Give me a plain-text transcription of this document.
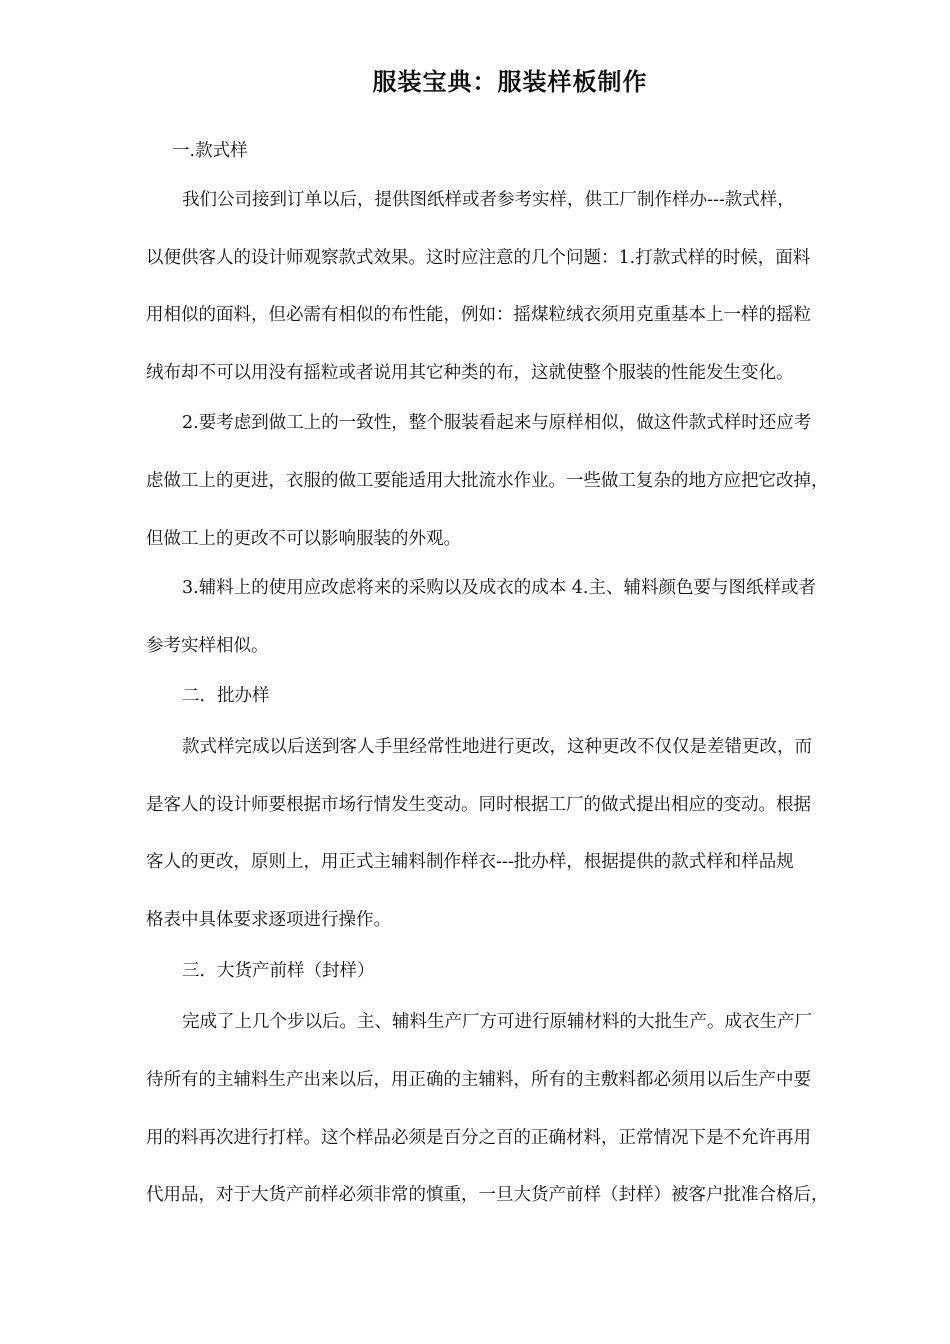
服装宝典：服装样板制作
一.款式样
我们公司接到订单以后，提供图纸样或者参考实样，供工厂制作样办---款式样，
以便供客人的设计师观察款式效果。这时应注意的几个问题：1.打款式样的时候，面料
用相似的面料，但必需有相似的布性能，例如：摇煤粒绒衣须用克重基本上一样的摇粒
绒布却不可以用没有摇粒或者说用其它种类的布，这就使整个服装的性能发生变化。
2.要考虑到做工上的一致性，整个服装看起来与原样相似，做这件款式样时还应考
虑做工上的更进，衣服的做工要能适用大批流水作业。一些做工复杂的地方应把它改掉，
但做工上的更改不可以影响服装的外观。
3.辅料上的使用应改虑将来的采购以及成衣的成本 4.主、辅料颜色要与图纸样或者
参考实样相似。
二．批办样
款式样完成以后送到客人手里经常性地进行更改，这种更改不仅仅是差错更改，而
是客人的设计师要根据市场行情发生变动。同时根据工厂的做式提出相应的变动。根据
客人的更改，原则上，用正式主辅料制作样衣---批办样，根据提供的款式样和样品规
格表中具体要求逐项进行操作。
三．大货产前样（封样）
完成了上几个步以后。主、辅料生产厂方可进行原辅材料的大批生产。成衣生产厂
待所有的主辅料生产出来以后，用正确的主辅料，所有的主敷料都必须用以后生产中要
用的料再次进行打样。这个样品必须是百分之百的正确材料，正常情况下是不允许再用
代用品，对于大货产前样必须非常的慎重，一旦大货产前样（封样）被客户批准合格后，
